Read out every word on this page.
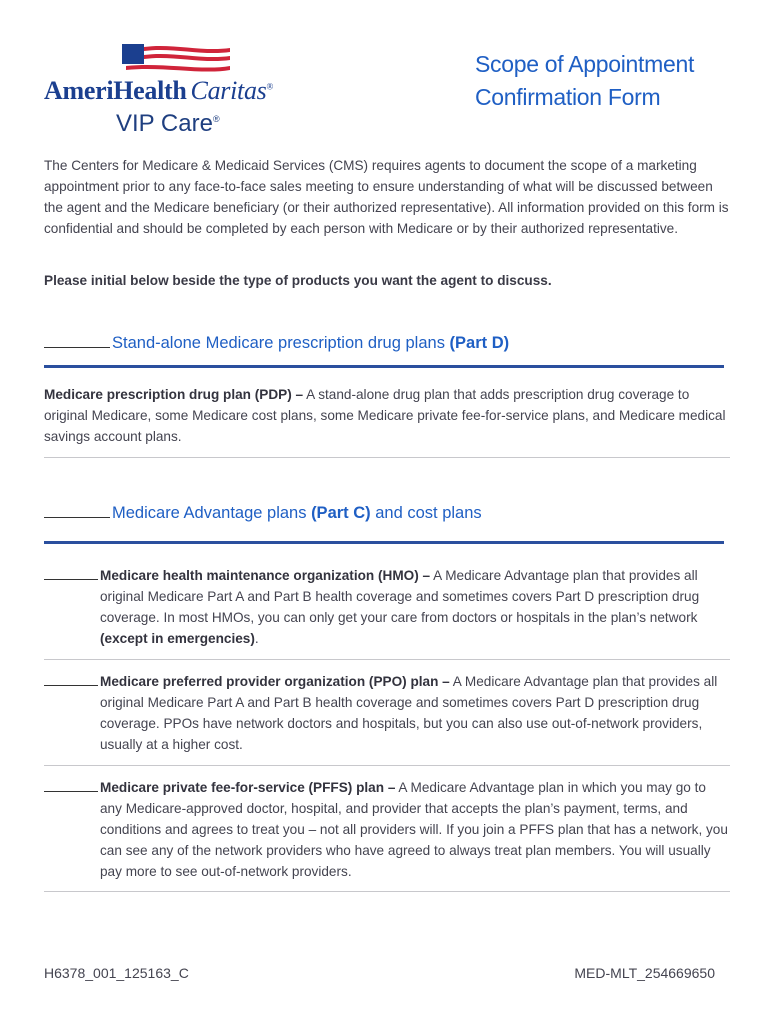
AmeriHealth Caritas®
VIP Care®
Scope of Appointment
Confirmation Form

The Centers for Medicare & Medicaid Services (CMS) requires agents to document the scope of a marketing appointment prior to any face-to-face sales meeting to ensure understanding of what will be discussed between the agent and the Medicare beneficiary (or their authorized representative). All information provided on this form is confidential and should be completed by each person with Medicare or by their authorized representative.

Please initial below beside the type of products you want the agent to discuss.

Stand-alone Medicare prescription drug plans (Part D)

Medicare prescription drug plan (PDP) – A stand-alone drug plan that adds prescription drug coverage to original Medicare, some Medicare cost plans, some Medicare private fee-for-service plans, and Medicare medical savings account plans.

Medicare Advantage plans (Part C) and cost plans
Medicare health maintenance organization (HMO) – A Medicare Advantage plan that provides all original Medicare Part A and Part B health coverage and sometimes covers Part D prescription drug coverage. In most HMOs, you can only get your care from doctors or hospitals in the plan’s network (except in emergencies).
Medicare preferred provider organization (PPO) plan – A Medicare Advantage plan that provides all original Medicare Part A and Part B health coverage and sometimes covers Part D prescription drug coverage. PPOs have network doctors and hospitals, but you can also use out-of-network providers, usually at a higher cost.
Medicare private fee-for-service (PFFS) plan – A Medicare Advantage plan in which you may go to any Medicare-approved doctor, hospital, and provider that accepts the plan’s payment, terms, and conditions and agrees to treat you – not all providers will. If you join a PFFS plan that has a network, you can see any of the network providers who have agreed to always treat plan members. You will usually pay more to see out-of-network providers.
H6378_001_125163_C	MED-MLT_254669650
